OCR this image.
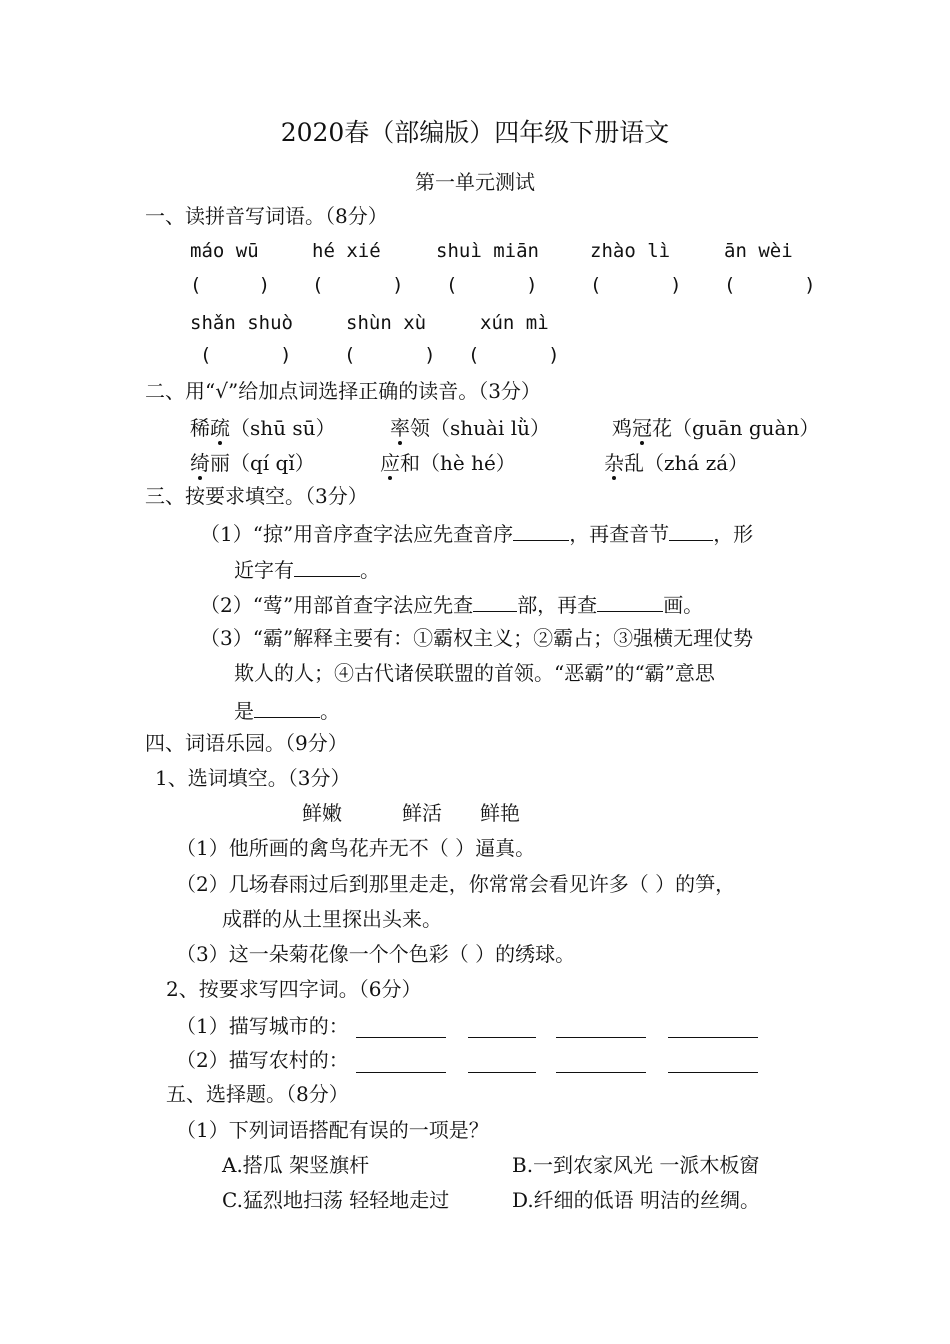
2020春（部编版）四年级下册语文
第一单元测试
一、读拼音写词语。（8分）
máo wū	hé xié	shuì miān	zhào lì	ān wèi
(     ) (      ) (      )	(      ) (      )
shǎn shuò	shùn xù	xún mì
(      )	(      ) (      )
二、用“√”给加点词选择正确的读音。（3分）
稀疏（shū sū）	率领（shuài lǜ）	鸡冠花（guān guàn）
绮丽（qí qǐ）	应和（hè hé）	杂乱（zhá zá）
三、按要求填空。（3分）
（1）“掠”用音序查字法应先查音序	，再查音节 ，形
近字有	。
（2）“莺”用部首查字法应先查 部，再查	画。
（3）“霸”解释主要有：①霸权主义；②霸占；③强横无理仗势
欺人的人；④古代诸侯联盟的首领。“恶霸”的“霸”意思
是	。
四、词语乐园。（9分）
1、选词填空。（3分）
鲜嫩	鲜活 鲜艳
（1）他所画的禽鸟花卉无不（ ）逼真。
（2）几场春雨过后到那里走走，你常常会看见许多（ ）的笋，
成群的从土里探出头来。
（3）这一朵菊花像一个个色彩（ ）的绣球。
2、按要求写四字词。（6分）
（1）描写城市的：
（2）描写农村的：
五、选择题。（8分）
（1）下列词语搭配有误的一项是？
A.搭瓜 架竖旗杆	B.一到农家风光 一派木板窗
C.猛烈地扫荡 轻轻地走过	D.纤细的低语 明洁的丝绸。
